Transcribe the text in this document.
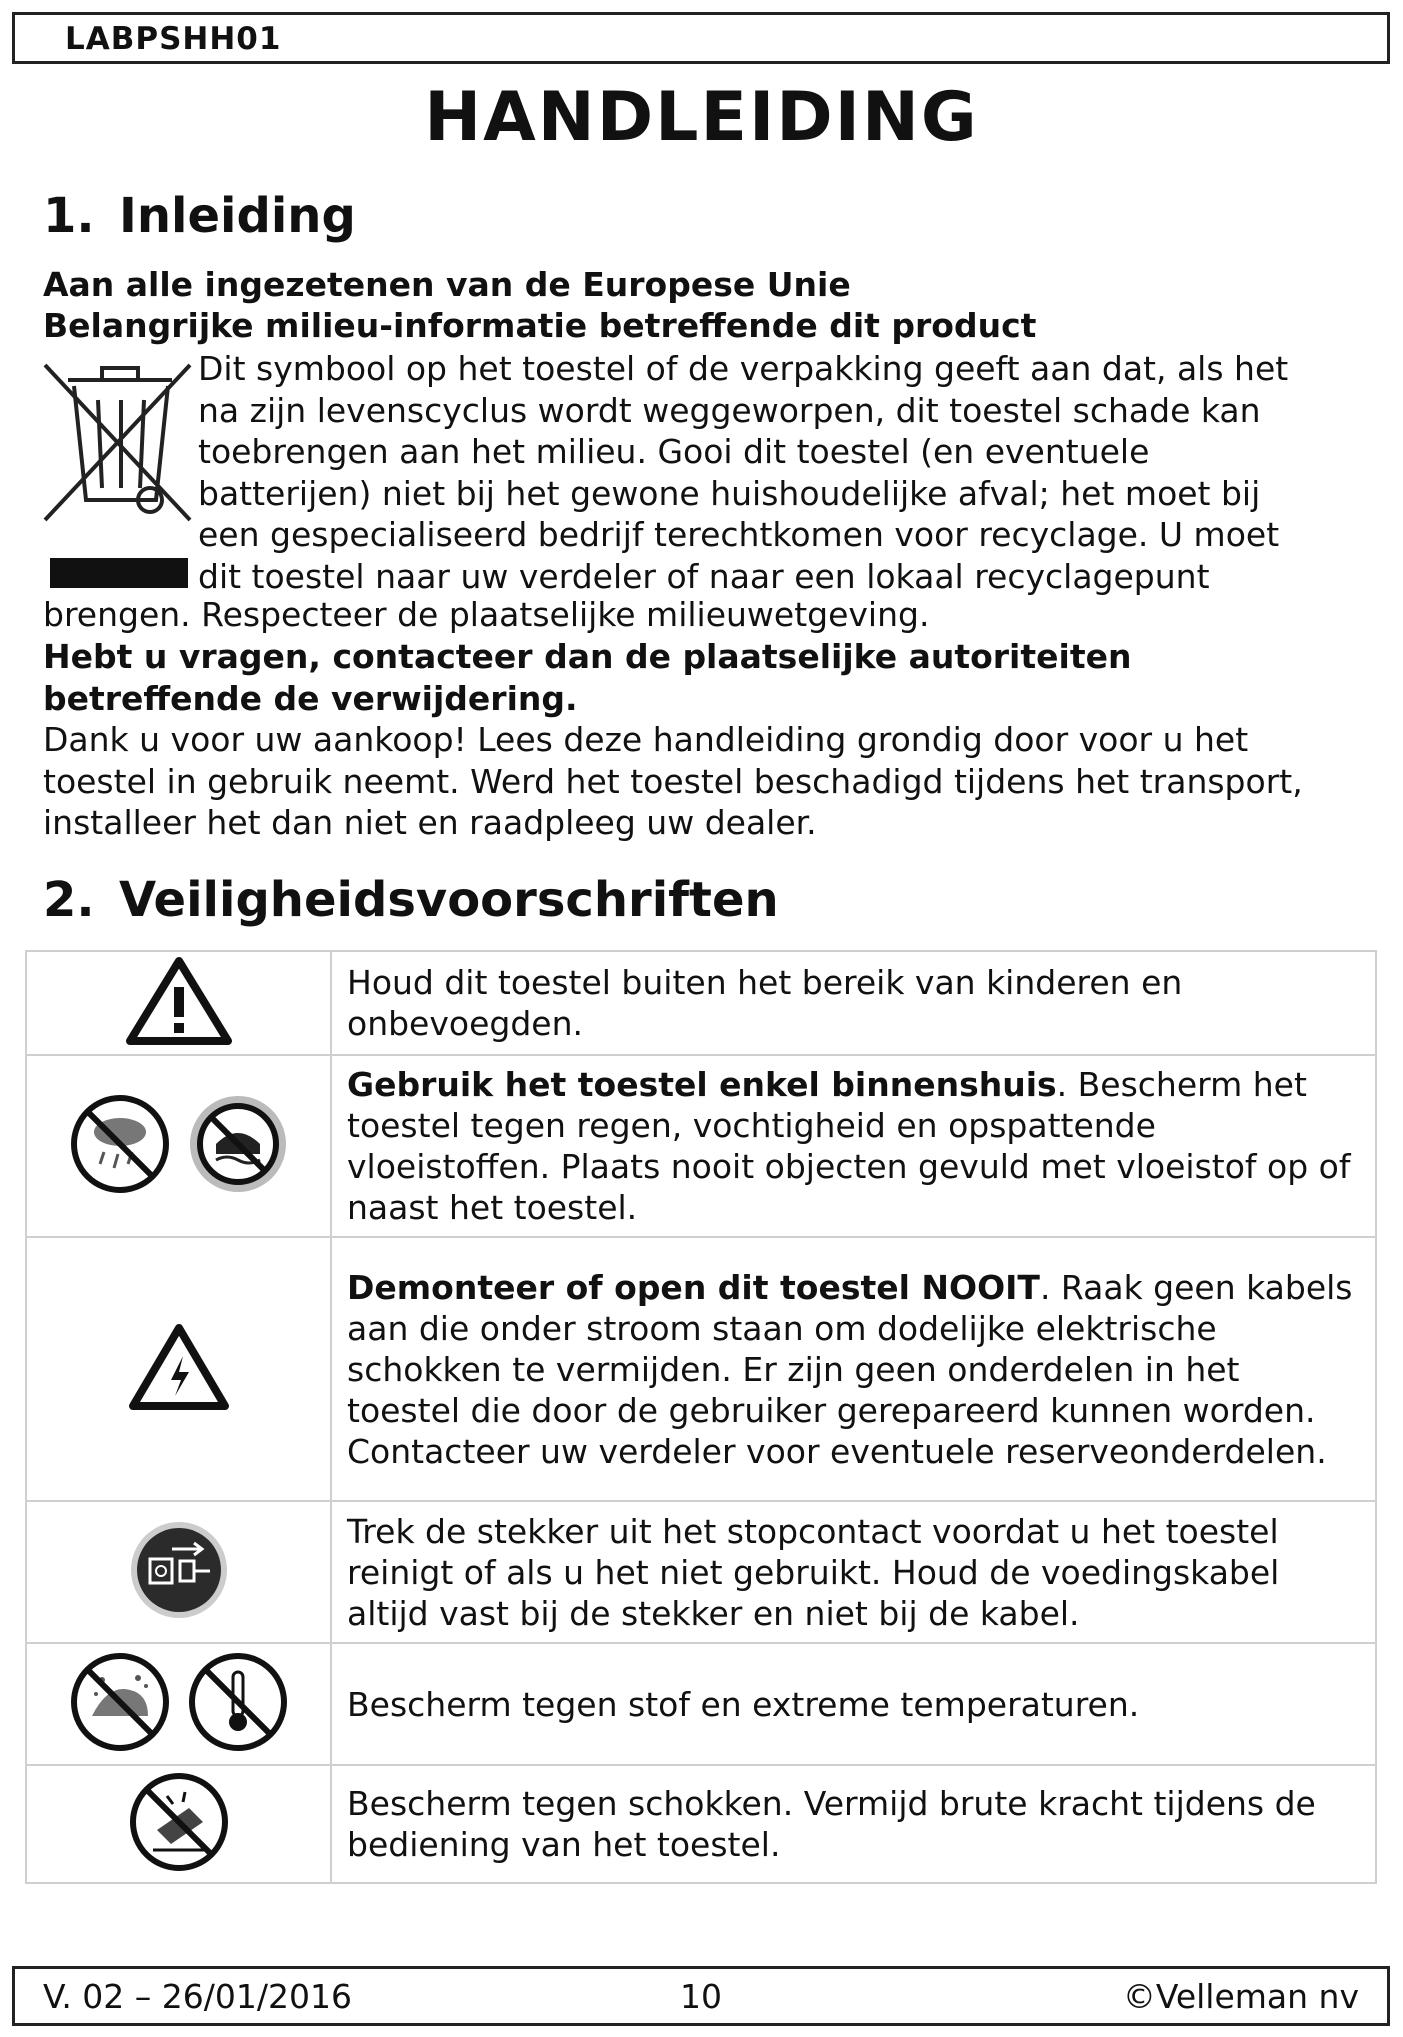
LABPSHH01
HANDLEIDING
1. Inleiding
Aan alle ingezetenen van de Europese Unie
Belangrijke milieu-informatie betreffende dit product
Dit symbool op het toestel of de verpakking geeft aan dat, als het
na zijn levenscyclus wordt weggeworpen, dit toestel schade kan
toebrengen aan het milieu. Gooi dit toestel (en eventuele
batterijen) niet bij het gewone huishoudelijke afval; het moet bij
een gespecialiseerd bedrijf terechtkomen voor recyclage. U moet
dit toestel naar uw verdeler of naar een lokaal recyclagepunt
brengen. Respecteer de plaatselijke milieuwetgeving.
Hebt u vragen, contacteer dan de plaatselijke autoriteiten
betreffende de verwijdering.
Dank u voor uw aankoop! Lees deze handleiding grondig door voor u het
toestel in gebruik neemt. Werd het toestel beschadigd tijdens het transport,
installeer het dan niet en raadpleeg uw dealer.
2. Veiligheidsvoorschriften
	Houd dit toestel buiten het bereik van kinderen en onbevoegden.

	Gebruik het toestel enkel binnenshuis. Bescherm het toestel tegen regen, vochtigheid en opspattende vloeistoffen. Plaats nooit objecten gevuld met vloeistof op of naast het toestel.
	Demonteer of open dit toestel NOOIT. Raak geen kabels aan die onder stroom staan om dodelijke elektrische schokken te vermijden. Er zijn geen onderdelen in het toestel die door de gebruiker gerepareerd kunnen worden. Contacteer uw verdeler voor eventuele reserveonderdelen.
	Trek de stekker uit het stopcontact voordat u het toestel reinigt of als u het niet gebruikt. Houd de voedingskabel altijd vast bij de stekker en niet bij de kabel.

	Bescherm tegen stof en extreme temperaturen.
	Bescherm tegen schokken. Vermijd brute kracht tijdens de bediening van het toestel.
V. 02 – 26/01/2016	10	©Velleman nv
